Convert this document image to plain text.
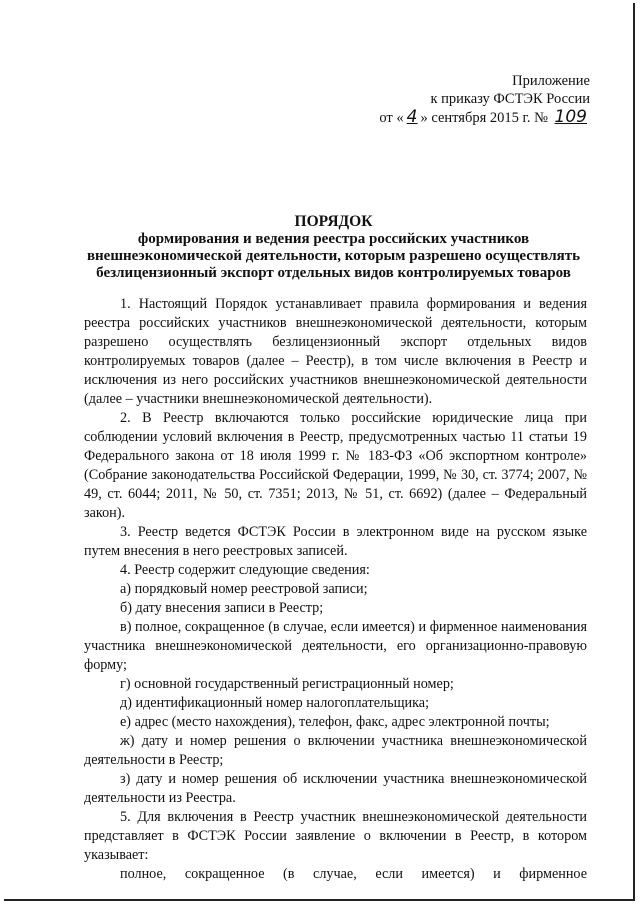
Приложение
к приказу ФСТЭК России
от « 4 » сентября 2015 г. № 109
ПОРЯДОК
формирования и ведения реестра российских участников
внешнеэкономической деятельности, которым разрешено осуществлять
безлицензионный экспорт отдельных видов контролируемых товаров

1. Настоящий Порядок устанавливает правила формирования и ведения реестра российских участников внешнеэкономической деятельности, которым разрешено осуществлять безлицензионный экспорт отдельных видов контролируемых товаров (далее – Реестр), в том числе включения в Реестр и исключения из него российских участников внешнеэкономической деятельности (далее – участники внешнеэкономической деятельности).

2. В Реестр включаются только российские юридические лица при соблюдении условий включения в Реестр, предусмотренных частью 11 статьи 19 Федерального закона от 18 июля 1999 г. № 183-ФЗ «Об экспортном контроле» (Собрание законодательства Российской Федерации, 1999, № 30, ст. 3774; 2007, № 49, ст. 6044; 2011, № 50, ст. 7351; 2013, № 51, ст. 6692) (далее – Федеральный закон).

3. Реестр ведется ФСТЭК России в электронном виде на русском языке путем внесения в него реестровых записей.

4. Реестр содержит следующие сведения:

а) порядковый номер реестровой записи;

б) дату внесения записи в Реестр;

в) полное, сокращенное (в случае, если имеется) и фирменное наименования участника внешнеэкономической деятельности, его организационно-правовую форму;

г) основной государственный регистрационный номер;

д) идентификационный номер налогоплательщика;

е) адрес (место нахождения), телефон, факс, адрес электронной почты;

ж) дату и номер решения о включении участника внешнеэкономической деятельности в Реестр;

з) дату и номер решения об исключении участника внешнеэкономической деятельности из Реестра.

5. Для включения в Реестр участник внешнеэкономической деятельности представляет в ФСТЭК России заявление о включении в Реестр, в котором указывает:

полное, сокращенное (в случае, если имеется) и фирменное
